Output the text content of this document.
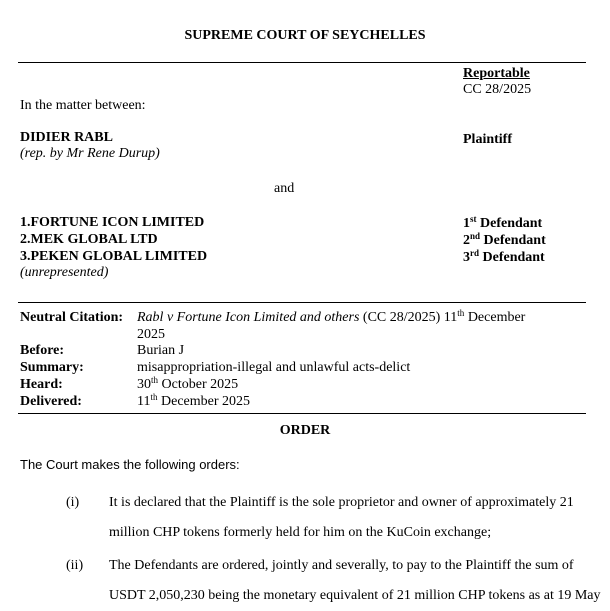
SUPREME COURT OF SEYCHELLES
Reportable
CC 28/2025
In the matter between:
DIDIER RABL
(rep. by Mr Rene Durup)
Plaintiff
and
1.FORTUNE ICON LIMITED
2.MEK GLOBAL LTD
3.PEKEN GLOBAL LIMITED
(unrepresented)
1st Defendant
2nd Defendant
3rd Defendant
Neutral Citation: Rabl v Fortune Icon Limited and others (CC 28/2025) 11th December
2025
Before:	Burian J
Summary:	misappropriation-illegal and unlawful acts-delict
Heard:	30th October 2025
Delivered:	11th December 2025
ORDER
The Court makes the following orders:
(i) It is declared that the Plaintiff is the sole proprietor and owner of approximately 21
million CHP tokens formerly held for him on the KuCoin exchange;
(ii) The Defendants are ordered, jointly and severally, to pay to the Plaintiff the sum of
USDT 2,050,230 being the monetary equivalent of 21 million CHP tokens as at 19 May
